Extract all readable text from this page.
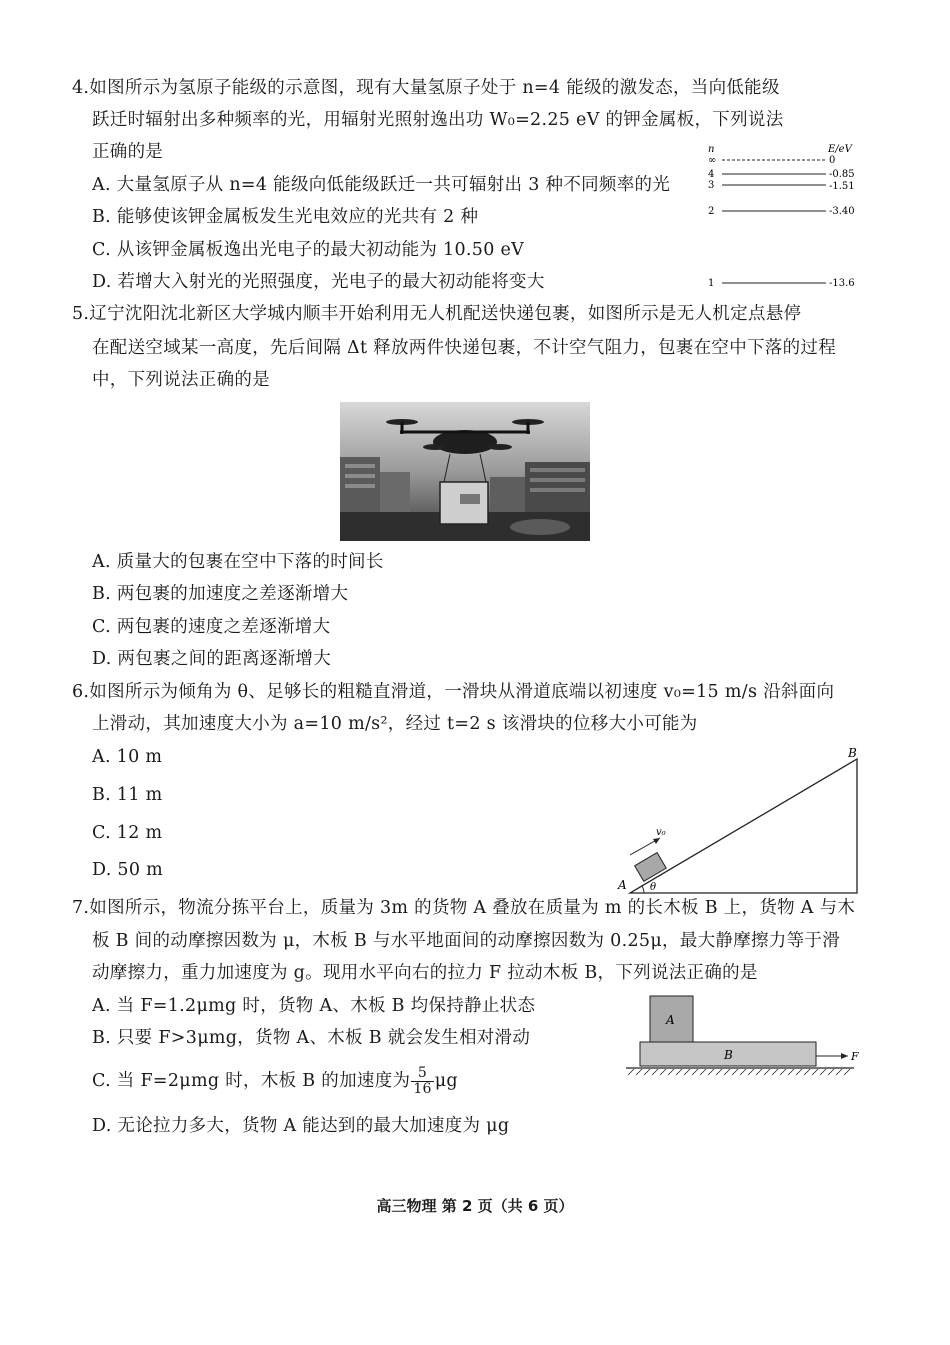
4.如图所示为氢原子能级的示意图，现有大量氢原子处于 n=4 能级的激发态，当向低能级
跃迁时辐射出多种频率的光，用辐射光照射逸出功 W₀=2.25 eV 的钾金属板，下列说法
正确的是
A. 大量氢原子从 n=4 能级向低能级跃迁一共可辐射出 3 种不同频率的光
B. 能够使该钾金属板发生光电效应的光共有 2 种
C. 从该钾金属板逸出光电子的最大初动能为 10.50 eV
D. 若增大入射光的光照强度，光电子的最大初动能将变大
n	E/eV
∞	0
4	-0.85
3	-1.51
2	-3.40
1	-13.6
5.辽宁沈阳沈北新区大学城内顺丰开始利用无人机配送快递包裹，如图所示是无人机定点悬停
在配送空域某一高度，先后间隔 Δt 释放两件快递包裹，不计空气阻力，包裹在空中下落的过程
中，下列说法正确的是
A. 质量大的包裹在空中下落的时间长
B. 两包裹的加速度之差逐渐增大
C. 两包裹的速度之差逐渐增大
D. 两包裹之间的距离逐渐增大
6.如图所示为倾角为 θ、足够长的粗糙直滑道，一滑块从滑道底端以初速度 v₀=15 m/s 沿斜面向
上滑动，其加速度大小为 a=10 m/s²，经过 t=2 s 该滑块的位移大小可能为
A. 10 m
B. 11 m
C. 12 m
D. 50 m
B
A θ
v₀
7.如图所示，物流分拣平台上，质量为 3m 的货物 A 叠放在质量为 m 的长木板 B 上，货物 A 与木
板 B 间的动摩擦因数为 μ，木板 B 与水平地面间的动摩擦因数为 0.25μ，最大静摩擦力等于滑
动摩擦力，重力加速度为 g。现用水平向右的拉力 F 拉动木板 B，下列说法正确的是
A. 当 F=1.2μmg 时，货物 A、木板 B 均保持静止状态
B. 只要 F>3μmg，货物 A、木板 B 就会发生相对滑动
C. 当 F=2μmg 时，木板 B 的加速度为 $\frac{5}{16}$ μg
D. 无论拉力多大，货物 A 能达到的最大加速度为 μg
A
B	F
高三物理 第 2 页（共 6 页）
